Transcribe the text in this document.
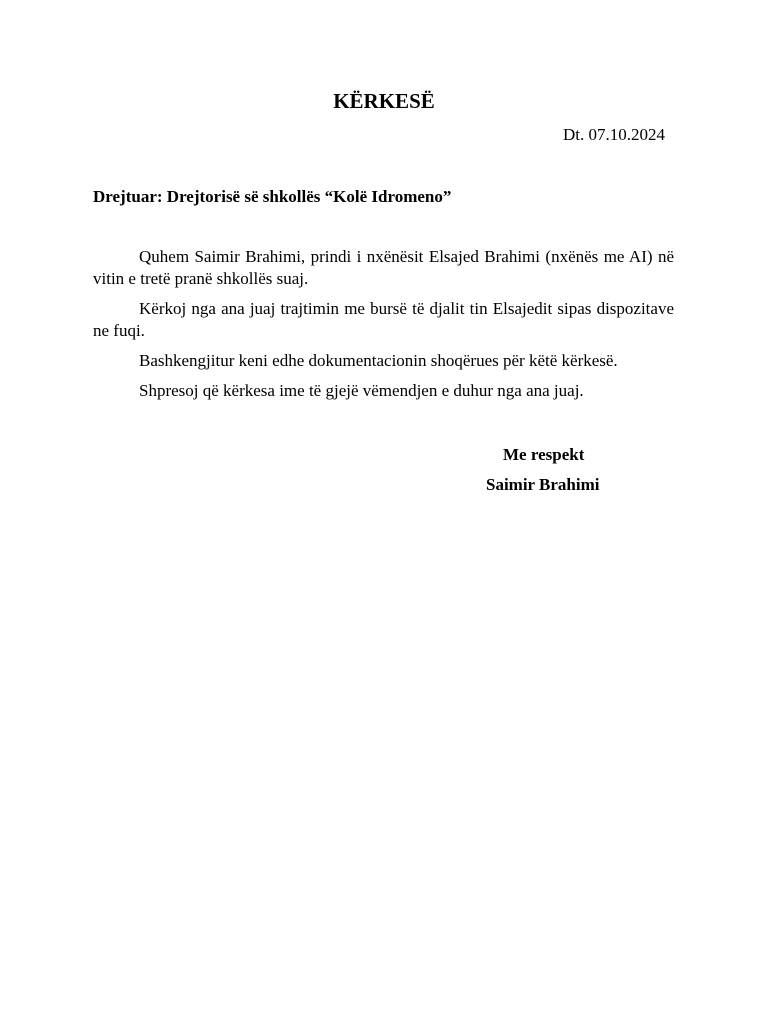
KËRKESË
Dt. 07.10.2024
Drejtuar: Drejtorisë së shkollës “Kolë Idromeno”

Quhem Saimir Brahimi, prindi i nxënësit Elsajed Brahimi (nxënës me AI) në vitin e tretë pranë shkollës suaj.

Kërkoj nga ana juaj trajtimin me bursë të djalit tin Elsajedit sipas dispozitave ne fuqi.

Bashkengjitur keni edhe dokumentacionin shoqërues për këtë kërkesë.

Shpresoj që kërkesa ime të gjejë vëmendjen e duhur nga ana juaj.

Me respekt
Saimir Brahimi
